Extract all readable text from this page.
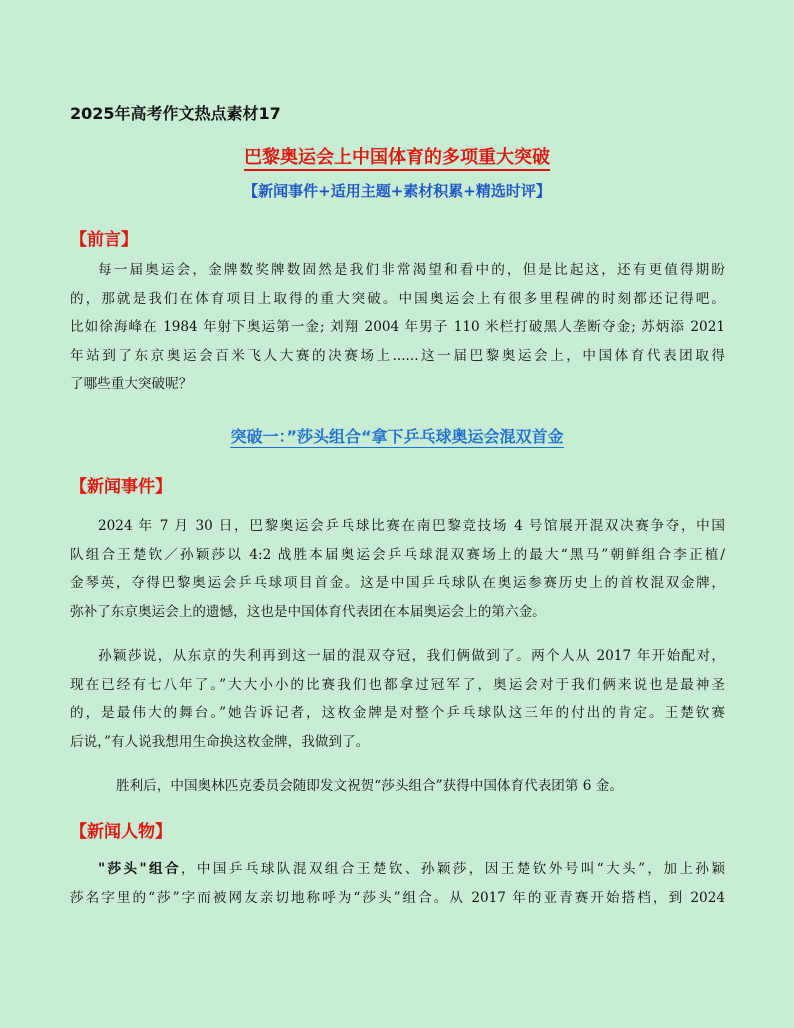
2025年高考作文热点素材17
巴黎奥运会上中国体育的多项重大突破
【新闻事件+适用主题+素材积累+精选时评】
【前言】
每一届奥运会，金牌数奖牌数固然是我们非常渴望和看中的，但是比起这，还有更值得期盼
的，那就是我们在体育项目上取得的重大突破。中国奥运会上有很多里程碑的时刻都还记得吧。
比如徐海峰在 1984 年射下奥运第一金; 刘翔 2004 年男子 110 米栏打破黑人垄断夺金; 苏炳添 2021
年站到了东京奥运会百米飞人大赛的决赛场上......这一届巴黎奥运会上，中国体育代表团取得
了哪些重大突破呢？
突破一：”莎头组合“拿下乒乓球奥运会混双首金
【新闻事件】
2024 年 7 月 30 日，巴黎奥运会乒乓球比赛在南巴黎竞技场 4 号馆展开混双决赛争夺，中国
队组合王楚钦／孙颖莎以 4:2 战胜本届奥运会乒乓球混双赛场上的最大“黑马”朝鲜组合李正植/
金琴英，夺得巴黎奥运会乒乓球项目首金。这是中国乒乓球队在奥运参赛历史上的首枚混双金牌，
弥补了东京奥运会上的遗憾，这也是中国体育代表团在本届奥运会上的第六金。
孙颖莎说，从东京的失利再到这一届的混双夺冠，我们俩做到了。两个人从 2017 年开始配对，
现在已经有七八年了。”大大小小的比赛我们也都拿过冠军了，奥运会对于我们俩来说也是最神圣
的，是最伟大的舞台。”她告诉记者，这枚金牌是对整个乒乓球队这三年的付出的肯定。王楚钦赛
后说，”有人说我想用生命换这枚金牌，我做到了。
胜利后，中国奥林匹克委员会随即发文祝贺“莎头组合”获得中国体育代表团第 6 金。
【新闻人物】
"莎头"组合，中国乒乓球队混双组合王楚钦、孙颖莎，因王楚钦外号叫“大头”，加上孙颖
莎名字里的“莎”字而被网友亲切地称呼为“莎头”组合。从 2017 年的亚青赛开始搭档，到 2024
